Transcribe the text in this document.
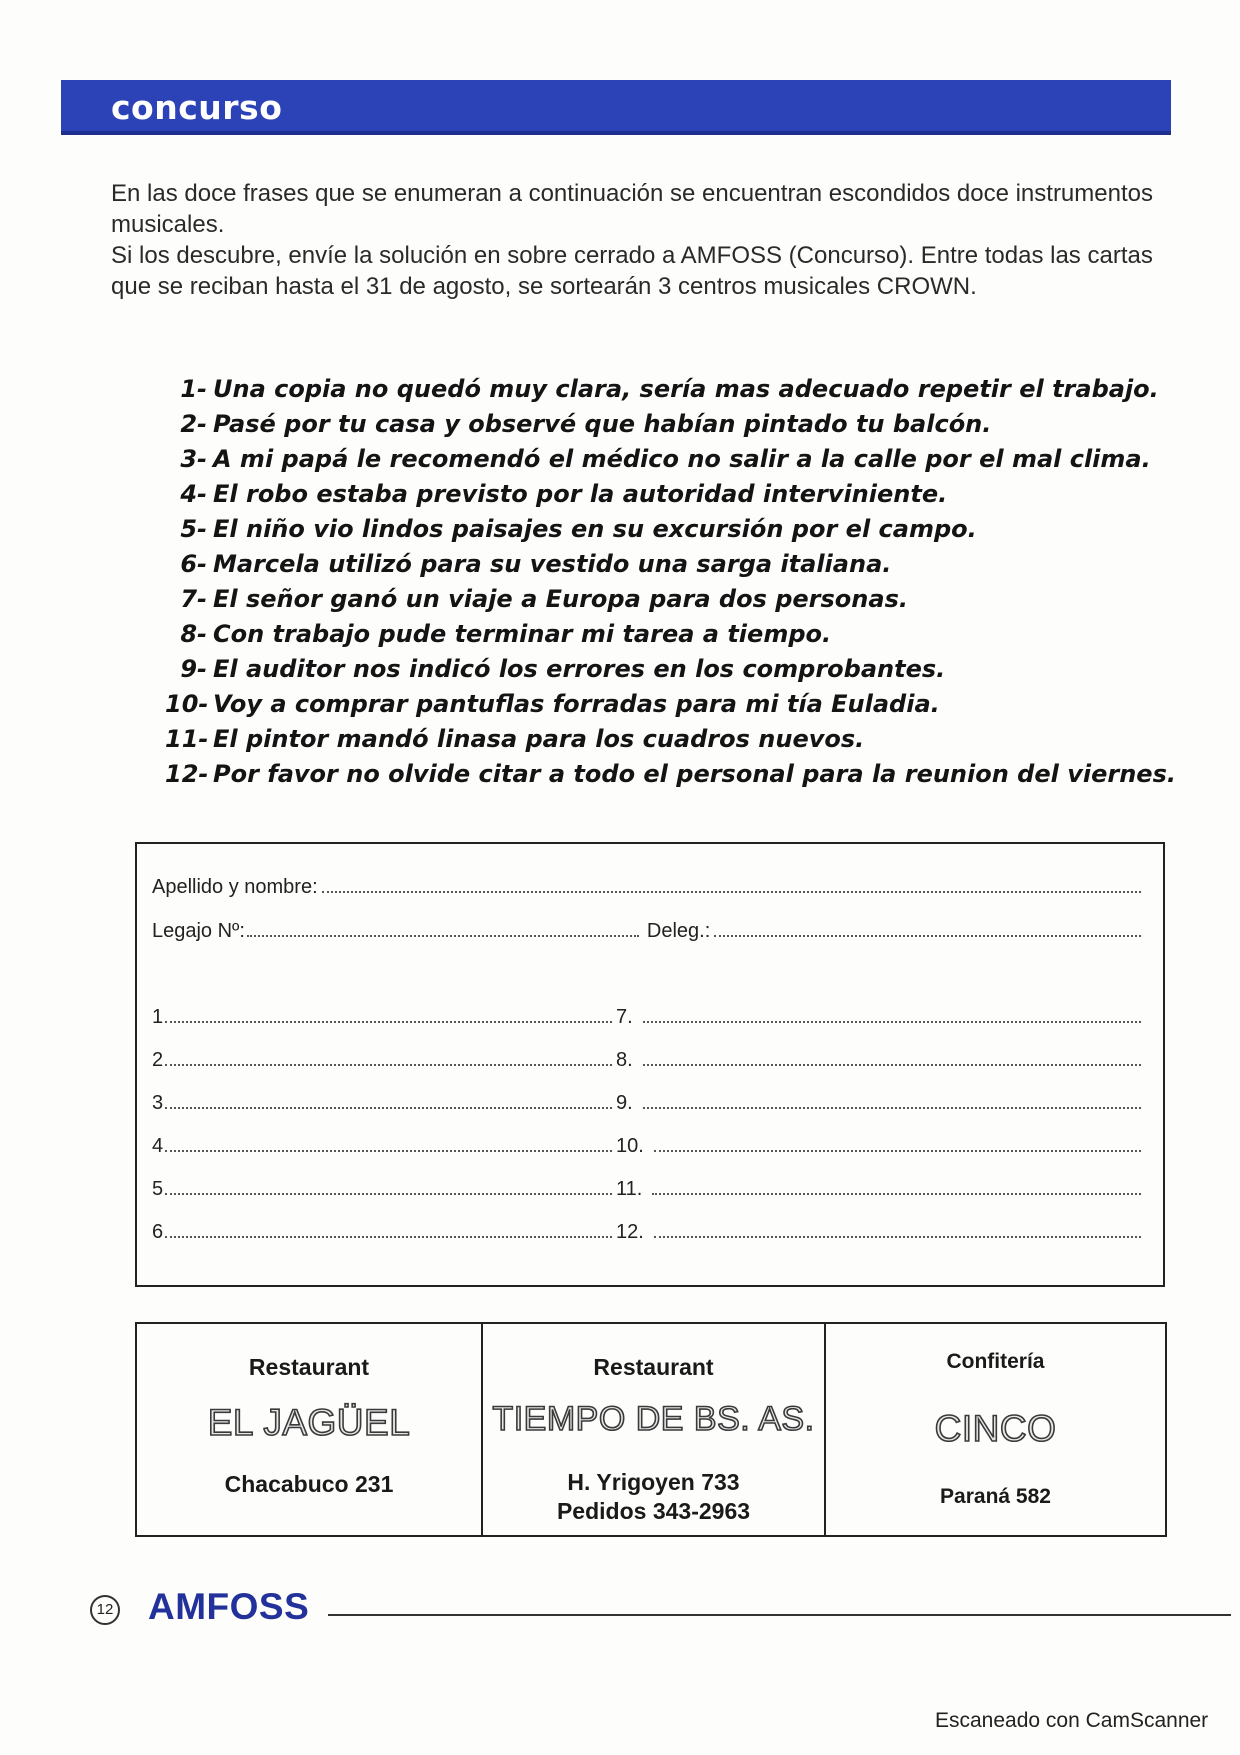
concurso

En las doce frases que se enumeran a continuación se encuentran escondidos doce instrumentos musicales.

Si los descubre, envíe la solución en sobre cerrado a AMFOSS (Concurso). Entre todas las cartas que se reciban hasta el 31 de agosto, se sortearán 3 centros musicales CROWN.

1- Una copia no quedó muy clara, sería mas adecuado repetir el trabajo.
2- Pasé por tu casa y observé que habían pintado tu balcón.
3- A mi papá le recomendó el médico no salir a la calle por el mal clima.
4- El robo estaba previsto por la autoridad interviniente.
5- El niño vio lindos paisajes en su excursión por el campo.
6- Marcela utilizó para su vestido una sarga italiana.
7- El señor ganó un viaje a Europa para dos personas.
8- Con trabajo pude terminar mi tarea a tiempo.
9- El auditor nos indicó los errores en los comprobantes.
10- Voy a comprar pantuflas forradas para mi tía Euladia.
11- El pintor mandó linasa para los cuadros nuevos.
12- Por favor no olvide citar a todo el personal para la reunion del viernes.
Apellido y nombre:
Legajo Nº:	Deleg.:
1	7.
2	8.
3	9.
4	10.
5	11.
6	12.
Restaurant
EL JAGÜEL
Chacabuco 231
Restaurant
TIEMPO DE BS. AS.
H. Yrigoyen 733
Pedidos 343-2963
Confitería
CINCO
Paraná 582
12 AMFOSS
Escaneado con CamScanner
